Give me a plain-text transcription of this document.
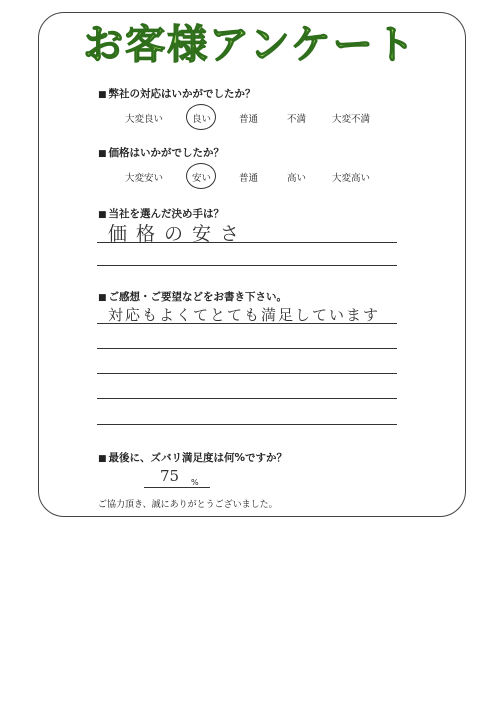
お客様アンケート
■ 弊社の対応はいかがでしたか？
大変良い	良い	普通	不満	大変不満
■ 価格はいかがでしたか？
大変安い	安い	普通	高い	大変高い
■ 当社を選んだ決め手は？
価格の安さ
■ ご感想・ご要望などをお書き下さい。
対応もよくてとても満足しています
■ 最後に、ズバリ満足度は何%ですか？
75 %
ご協力頂き、誠にありがとうございました。
